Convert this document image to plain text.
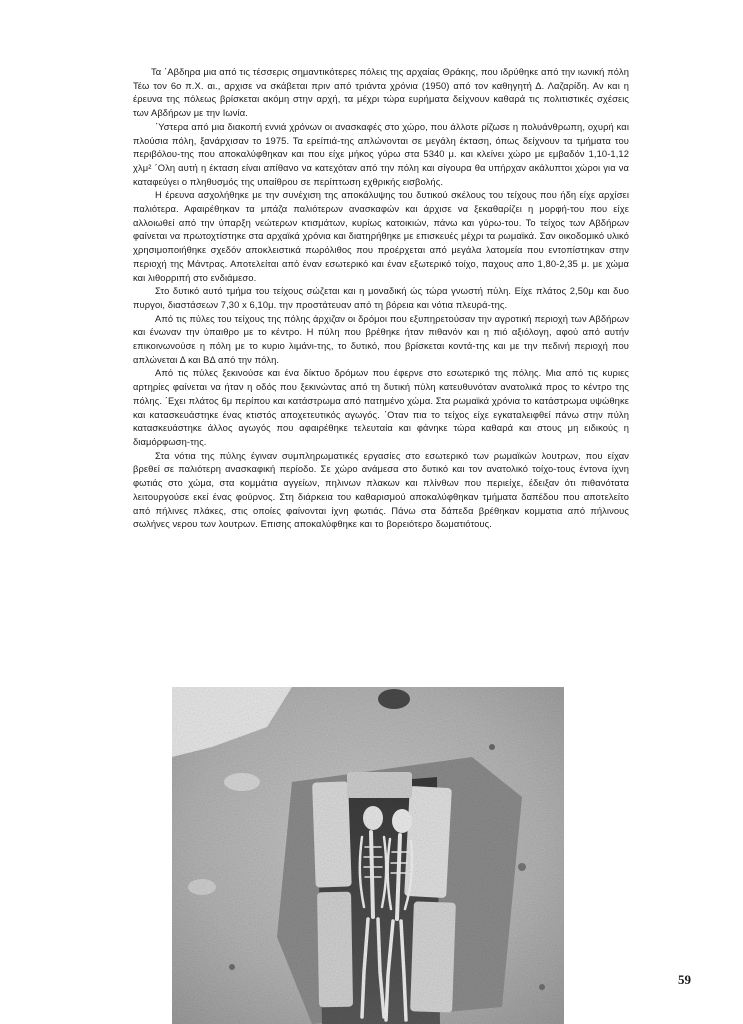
Τα ΄Αβδηρα μια από τις τέσσερις σημαντικότερες πόλεις της αρχαίας Θράκης, που ιδρύθηκε από την ιωνική πόλη Τέω τον 6ο π.Χ. αι., αρχισε να σκάβεται πριν από τριάντα χρόνια (1950) από τον καθηγητή Δ. Λαζαρίδη. Αν και η έρευνα της πόλεως βρίσκεται ακόμη στην αρχή, τα μέχρι τώρα ευρήματα δείχνουν καθαρά τις πολιτιστικές σχέσεις των Αβδήρων με την Ιωνία.

΄Υστερα από μια διακοπή εννιά χρόνων οι ανασκαφές στο χώρο, που άλλοτε ρίζωσε η πολυάνθρωπη, οχυρή και πλούσια πόλη, ξανάρχισαν το 1975. Τα ερείπιά-της απλώνονται σε μεγάλη έκταση, όπως δείχνουν τα τμήματα του περιβόλου-της που αποκαλύφθηκαν και που είχε μήκος γύρω στα 5340 μ. και κλείνει χώρο με εμβαδόν 1,10-1,12 χλμ² ΄Ολη αυτή η έκταση είναι απίθανο να κατεχόταν από την πόλη και σίγουρα θα υπήρχαν ακάλυπτοι χώροι για να καταφεύγει ο πληθυσμός της υπαίθρου σε περίπτωση εχθρικής εισβολής.

Η έρευνα ασχολήθηκε με την συνέχιση της αποκάλυψης του δυτικού σκέλους του τείχους που ήδη είχε αρχίσει παλιότερα. Αφαιρέθηκαν τα μπάζα παλιότερων ανασκαφών και άρχισε να ξεκαθαρίζει η μορφή-του που είχε αλλοιωθεί από την ύπαρξη νεώτερων κτισμάτων, κυρίως κατοικιών, πάνω και γύρω-του. Το τείχος των Αβδήρων φαίνεται να πρωτοχτίστηκε στα αρχαϊκά χρόνια και διατηρήθηκε με επισκευές μέχρι τα ρωμαϊκά. Σαν οικοδομικό υλικό χρησιμοποιήθηκε σχεδόν αποκλειστικά πωρόλιθος που προέρχεται από μεγάλα λατομεία που εντοπίστηκαν στην περιοχή της Μάντρας. Αποτελείται από έναν εσωτερικό και έναν εξωτερικό τοίχο, παχους απο 1,80-2,35 μ. με χώμα και λιθορριπή στο ενδιάμεσο.

Στο δυτικό αυτό τμήμα του τείχους σώζεται και η μοναδική ώς τώρα γνωστή πύλη. Είχε πλάτος 2,50μ και δυο πυργοι, διαστάσεων 7,30 x 6,10μ. την προστάτευαν από τη βόρεια και νότια πλευρά-της.

Από τις πύλες του τείχους της πόλης άρχιζαν οι δρόμοι που εξυπηρετούσαν την αγροτική περιοχή των Αβδήρων και ένωναν την ύπαιθρο με το κέντρο. Η πύλη που βρέθηκε ήταν πιθανόν και η πιό αξιόλογη, αφού από αυτήν επικοινωνούσε η πόλη με το κυριο λιμάνι-της, το δυτικό, που βρίσκεται κοντά-της και με την πεδινή περιοχή που απλώνεται Δ και ΒΔ από την πόλη.

Από τις πύλες ξεκινούσε και ένα δίκτυο δρόμων που έφερνε στο εσωτερικό της πόλης. Μια από τις κυριες αρτηρίες φαίνεται να ήταν η οδός που ξεκινώντας από τη δυτική πύλη κατευθυνόταν ανατολικά προς το κέντρο της πόλης. ΄Εχει πλάτος 6μ περίπου και κατάστρωμα από πατημένο χώμα. Στα ρωμαϊκά χρόνια το κατάστρωμα υψώθηκε και κατασκευάστηκε ένας κτιστός αποχετευτικός αγωγός. ΄Οταν πια το τείχος είχε εγκαταλειφθεί πάνω στην πύλη κατασκευάστηκε άλλος αγωγός που αφαιρέθηκε τελευταία και φάνηκε τώρα καθαρά και στους μη ειδικούς η διαμόρφωση-της.

Στα νότια της πύλης έγιναν συμπληρωματικές εργασίες στο εσωτερικό των ρωμαϊκών λουτρων, που είχαν βρεθεί σε παλιότερη ανασκαφική περίοδο. Σε χώρο ανάμεσα στο δυτικό και τον ανατολικό τοίχο-τους έντονα ίχνη φωτιάς στο χώμα, στα κομμάτια αγγείων, πηλινων πλακων και πλίνθων που περιείχε, έδειξαν ότι πιθανότατα λειτουργούσε εκεί ένας φούρνος. Στη διάρκεια του καθαρισμού αποκαλύφθηκαν τμήματα δαπέδου που αποτελείτο από πήλινες πλάκες, στις οποίες φαίνονται ίχνη φωτιάς. Πάνω στα δάπεδα βρέθηκαν κομματια από πήλινους σωλήνες νερου των λουτρων. Επισης αποκαλύφθηκε και το βορειότερο δωματιότους.

59
